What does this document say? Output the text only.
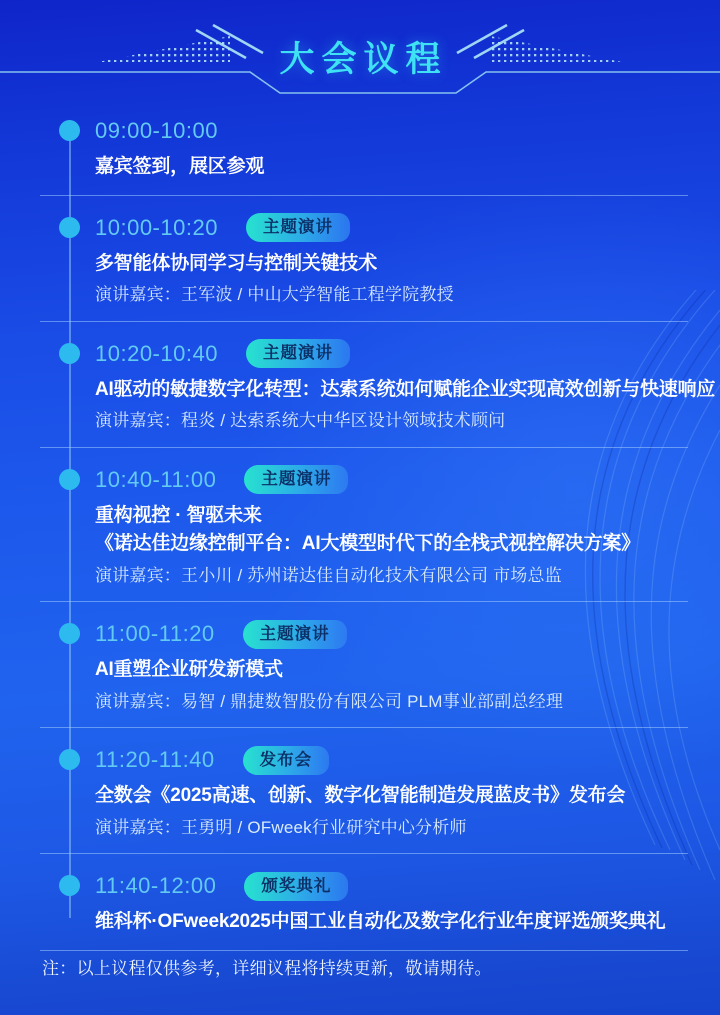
大会议程
09:00-10:00
嘉宾签到，展区参观
10:00-10:20	主题演讲
多智能体协同学习与控制关键技术
演讲嘉宾：王军波 / 中山大学智能工程学院教授
10:20-10:40	主题演讲
AI驱动的敏捷数字化转型：达索系统如何赋能企业实现高效创新与快速响应
演讲嘉宾：程炎 / 达索系统大中华区设计领域技术顾问
10:40-11:00	主题演讲
重构视控 · 智驱未来
《诺达佳边缘控制平台：AI大模型时代下的全栈式视控解决方案》
演讲嘉宾：王小川 / 苏州诺达佳自动化技术有限公司 市场总监
11:00-11:20	主题演讲
AI重塑企业研发新模式
演讲嘉宾：易智 / 鼎捷数智股份有限公司 PLM事业部副总经理
11:20-11:40	发布会
全数会《2025高速、创新、数字化智能制造发展蓝皮书》发布会
演讲嘉宾：王勇明 / OFweek行业研究中心分析师
11:40-12:00	颁奖典礼
维科杯·OFweek2025中国工业自动化及数字化行业年度评选颁奖典礼
注：以上议程仅供参考，详细议程将持续更新，敬请期待。
